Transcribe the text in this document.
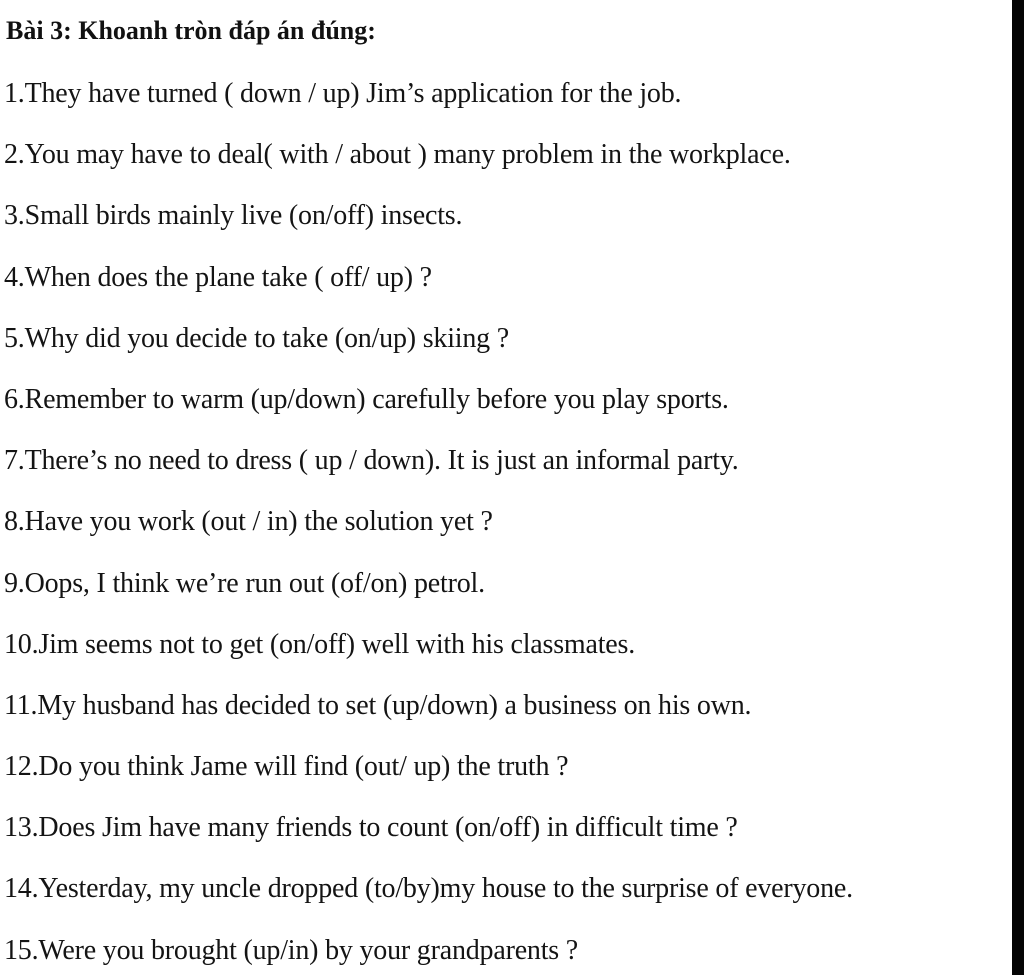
Bài 3: Khoanh tròn đáp án đúng:
1.They have turned ( down / up) Jim’s application for the job.
2.You may have to deal( with / about ) many problem in the workplace.
3.Small birds mainly live (on/off) insects.
4.When does the plane take ( off/ up) ?
5.Why did you decide to take (on/up) skiing ?
6.Remember to warm (up/down) carefully before you play sports.
7.There’s no need to dress ( up / down). It is just an informal party.
8.Have you work (out / in) the solution yet ?
9.Oops, I think we’re run out (of/on) petrol.
10.Jim seems not to get (on/off) well with his classmates.
11.My husband has decided to set (up/down) a business on his own.
12.Do you think Jame will find (out/ up) the truth ?
13.Does Jim have many friends to count (on/off) in difficult time ?
14.Yesterday, my uncle dropped (to/by)my house to the surprise of everyone.
15.Were you brought (up/in) by your grandparents ?
